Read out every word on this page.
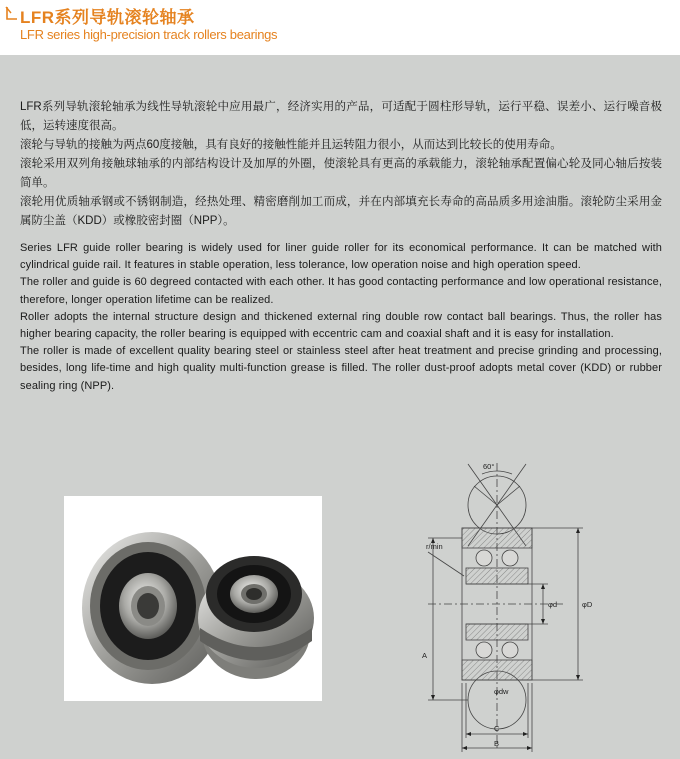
LFR系列导轨滚轮轴承
LFR series high-precision track rollers bearings

LFR系列导轨滚轮轴承为线性导轨滚轮中应用最广，经济实用的产品，可适配于圆柱形导轨，运行平稳、误差小、运行噪音极低，运转速度很高。

滚轮与导轨的接触为两点60度接触，具有良好的接触性能并且运转阻力很小，从而达到比较长的使用寿命。

滚轮采用双列角接触球轴承的内部结构设计及加厚的外圈，使滚轮具有更高的承载能力，滚轮轴承配置偏心轮及同心轴后按装简单。

滚轮用优质轴承钢或不锈钢制造，经热处理、精密磨削加工而成，并在内部填充长寿命的高品质多用途油脂。滚轮防尘采用金属防尘盖（KDD）或橡胶密封圈（NPP）。

Series LFR guide roller bearing is widely used for liner guide roller for its economical performance. It can be matched with cylindrical guide rail. It features in stable operation, less tolerance, low operation noise and high operation speed.

The roller and guide is 60 degreed contacted with each other. It has good contacting performance and low operational resistance, therefore, longer operation lifetime can be realized.

Roller adopts the internal structure design and thickened external ring double row contact ball bearings. Thus, the roller has higher bearing capacity, the roller bearing is equipped with eccentric cam and coaxial shaft and it is easy for installation.

The roller is made of excellent quality bearing steel or stainless steel after heat treatment and precise grinding and processing, besides, long life-time and high quality multi-function grease is filled. The roller dust-proof adopts metal cover (KDD) or rubber sealing ring (NPP).

60°
r/min
φd	φD
φdw
A
C
B
